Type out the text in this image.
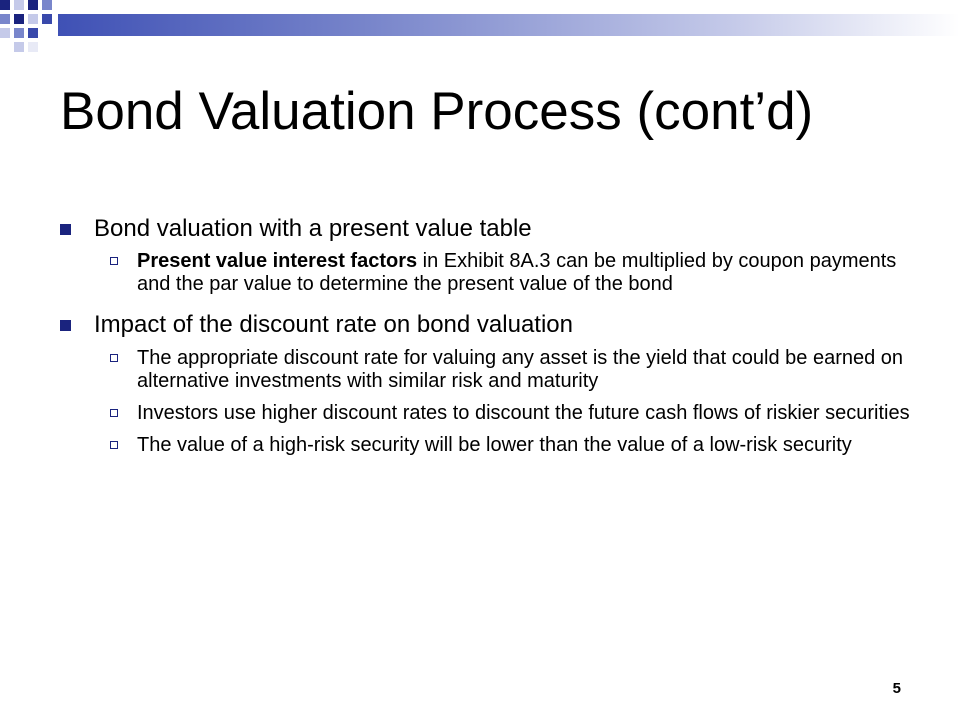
Bond Valuation Process (cont’d)
Bond valuation with a present value table
Present value interest factors in Exhibit 8A.3 can be multiplied by coupon payments and the par value to determine the present value of the bond
Impact of the discount rate on bond valuation
The appropriate discount rate for valuing any asset is the yield that could be earned on alternative investments with similar risk and maturity
Investors use higher discount rates to discount the future cash flows of riskier securities
The value of a high-risk security will be lower than the value of a low-risk security
5
